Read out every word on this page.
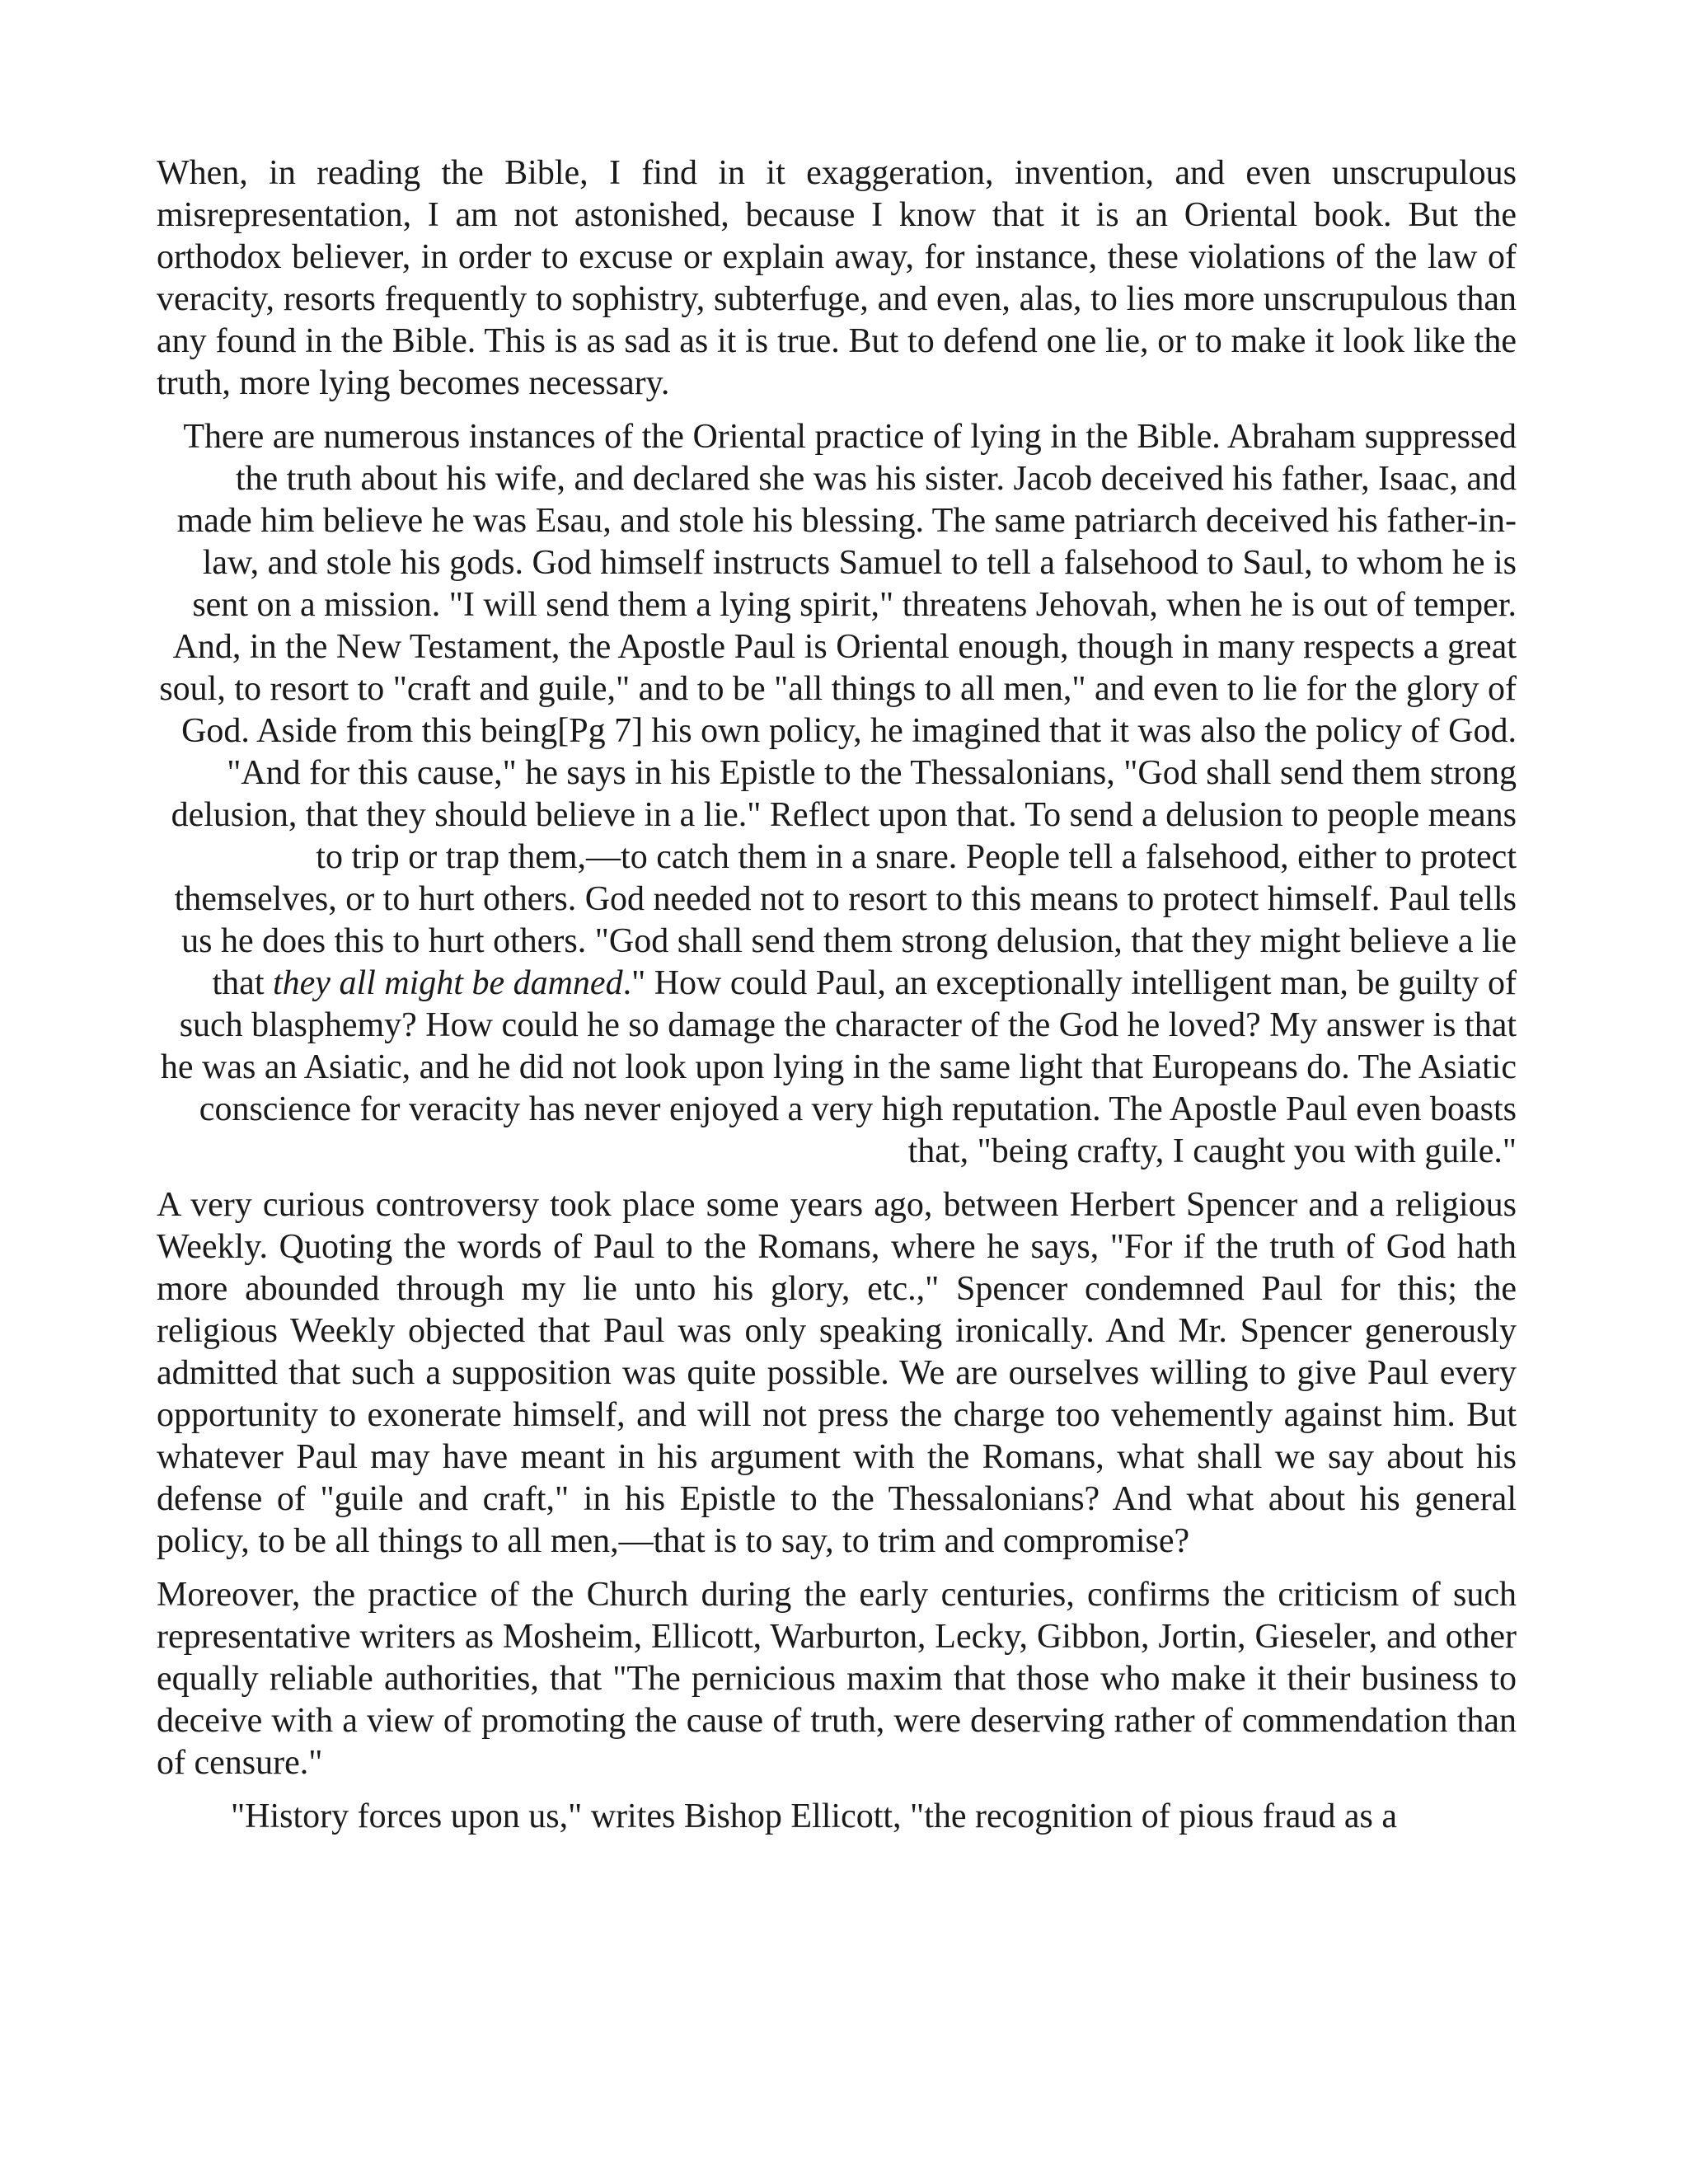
When, in reading the Bible, I find in it exaggeration, invention, and even unscrupulous misrepresentation, I am not astonished, because I know that it is an Oriental book. But the orthodox believer, in order to excuse or explain away, for instance, these violations of the law of veracity, resorts frequently to sophistry, subterfuge, and even, alas, to lies more unscrupulous than any found in the Bible. This is as sad as it is true. But to defend one lie, or to make it look like the truth, more lying becomes necessary.

There are numerous instances of the Oriental practice of lying in the Bible. Abraham suppressed the truth about his wife, and declared she was his sister. Jacob deceived his father, Isaac, and made him believe he was Esau, and stole his blessing. The same patriarch deceived his father-in-law, and stole his gods. God himself instructs Samuel to tell a falsehood to Saul, to whom he is sent on a mission. "I will send them a lying spirit," threatens Jehovah, when he is out of temper. And, in the New Testament, the Apostle Paul is Oriental enough, though in many respects a great soul, to resort to "craft and guile," and to be "all things to all men," and even to lie for the glory of God. Aside from this being[Pg 7] his own policy, he imagined that it was also the policy of God. "And for this cause," he says in his Epistle to the Thessalonians, "God shall send them strong delusion, that they should believe in a lie." Reflect upon that. To send a delusion to people means to trip or trap them,—to catch them in a snare. People tell a falsehood, either to protect themselves, or to hurt others. God needed not to resort to this means to protect himself. Paul tells us he does this to hurt others. "God shall send them strong delusion, that they might believe a lie that they all might be damned." How could Paul, an exceptionally intelligent man, be guilty of such blasphemy? How could he so damage the character of the God he loved? My answer is that he was an Asiatic, and he did not look upon lying in the same light that Europeans do. The Asiatic conscience for veracity has never enjoyed a very high reputation. The Apostle Paul even boasts that, "being crafty, I caught you with guile."

A very curious controversy took place some years ago, between Herbert Spencer and a religious Weekly. Quoting the words of Paul to the Romans, where he says, "For if the truth of God hath more abounded through my lie unto his glory, etc.," Spencer condemned Paul for this; the religious Weekly objected that Paul was only speaking ironically. And Mr. Spencer generously admitted that such a supposition was quite possible. We are ourselves willing to give Paul every opportunity to exonerate himself, and will not press the charge too vehemently against him. But whatever Paul may have meant in his argument with the Romans, what shall we say about his defense of "guile and craft," in his Epistle to the Thessalonians? And what about his general policy, to be all things to all men,—that is to say, to trim and compromise?

Moreover, the practice of the Church during the early centuries, confirms the criticism of such representative writers as Mosheim, Ellicott, Warburton, Lecky, Gibbon, Jortin, Gieseler, and other equally reliable authorities, that "The pernicious maxim that those who make it their business to deceive with a view of promoting the cause of truth, were deserving rather of commendation than of censure."

"History forces upon us," writes Bishop Ellicott, "the recognition of pious fraud as a
